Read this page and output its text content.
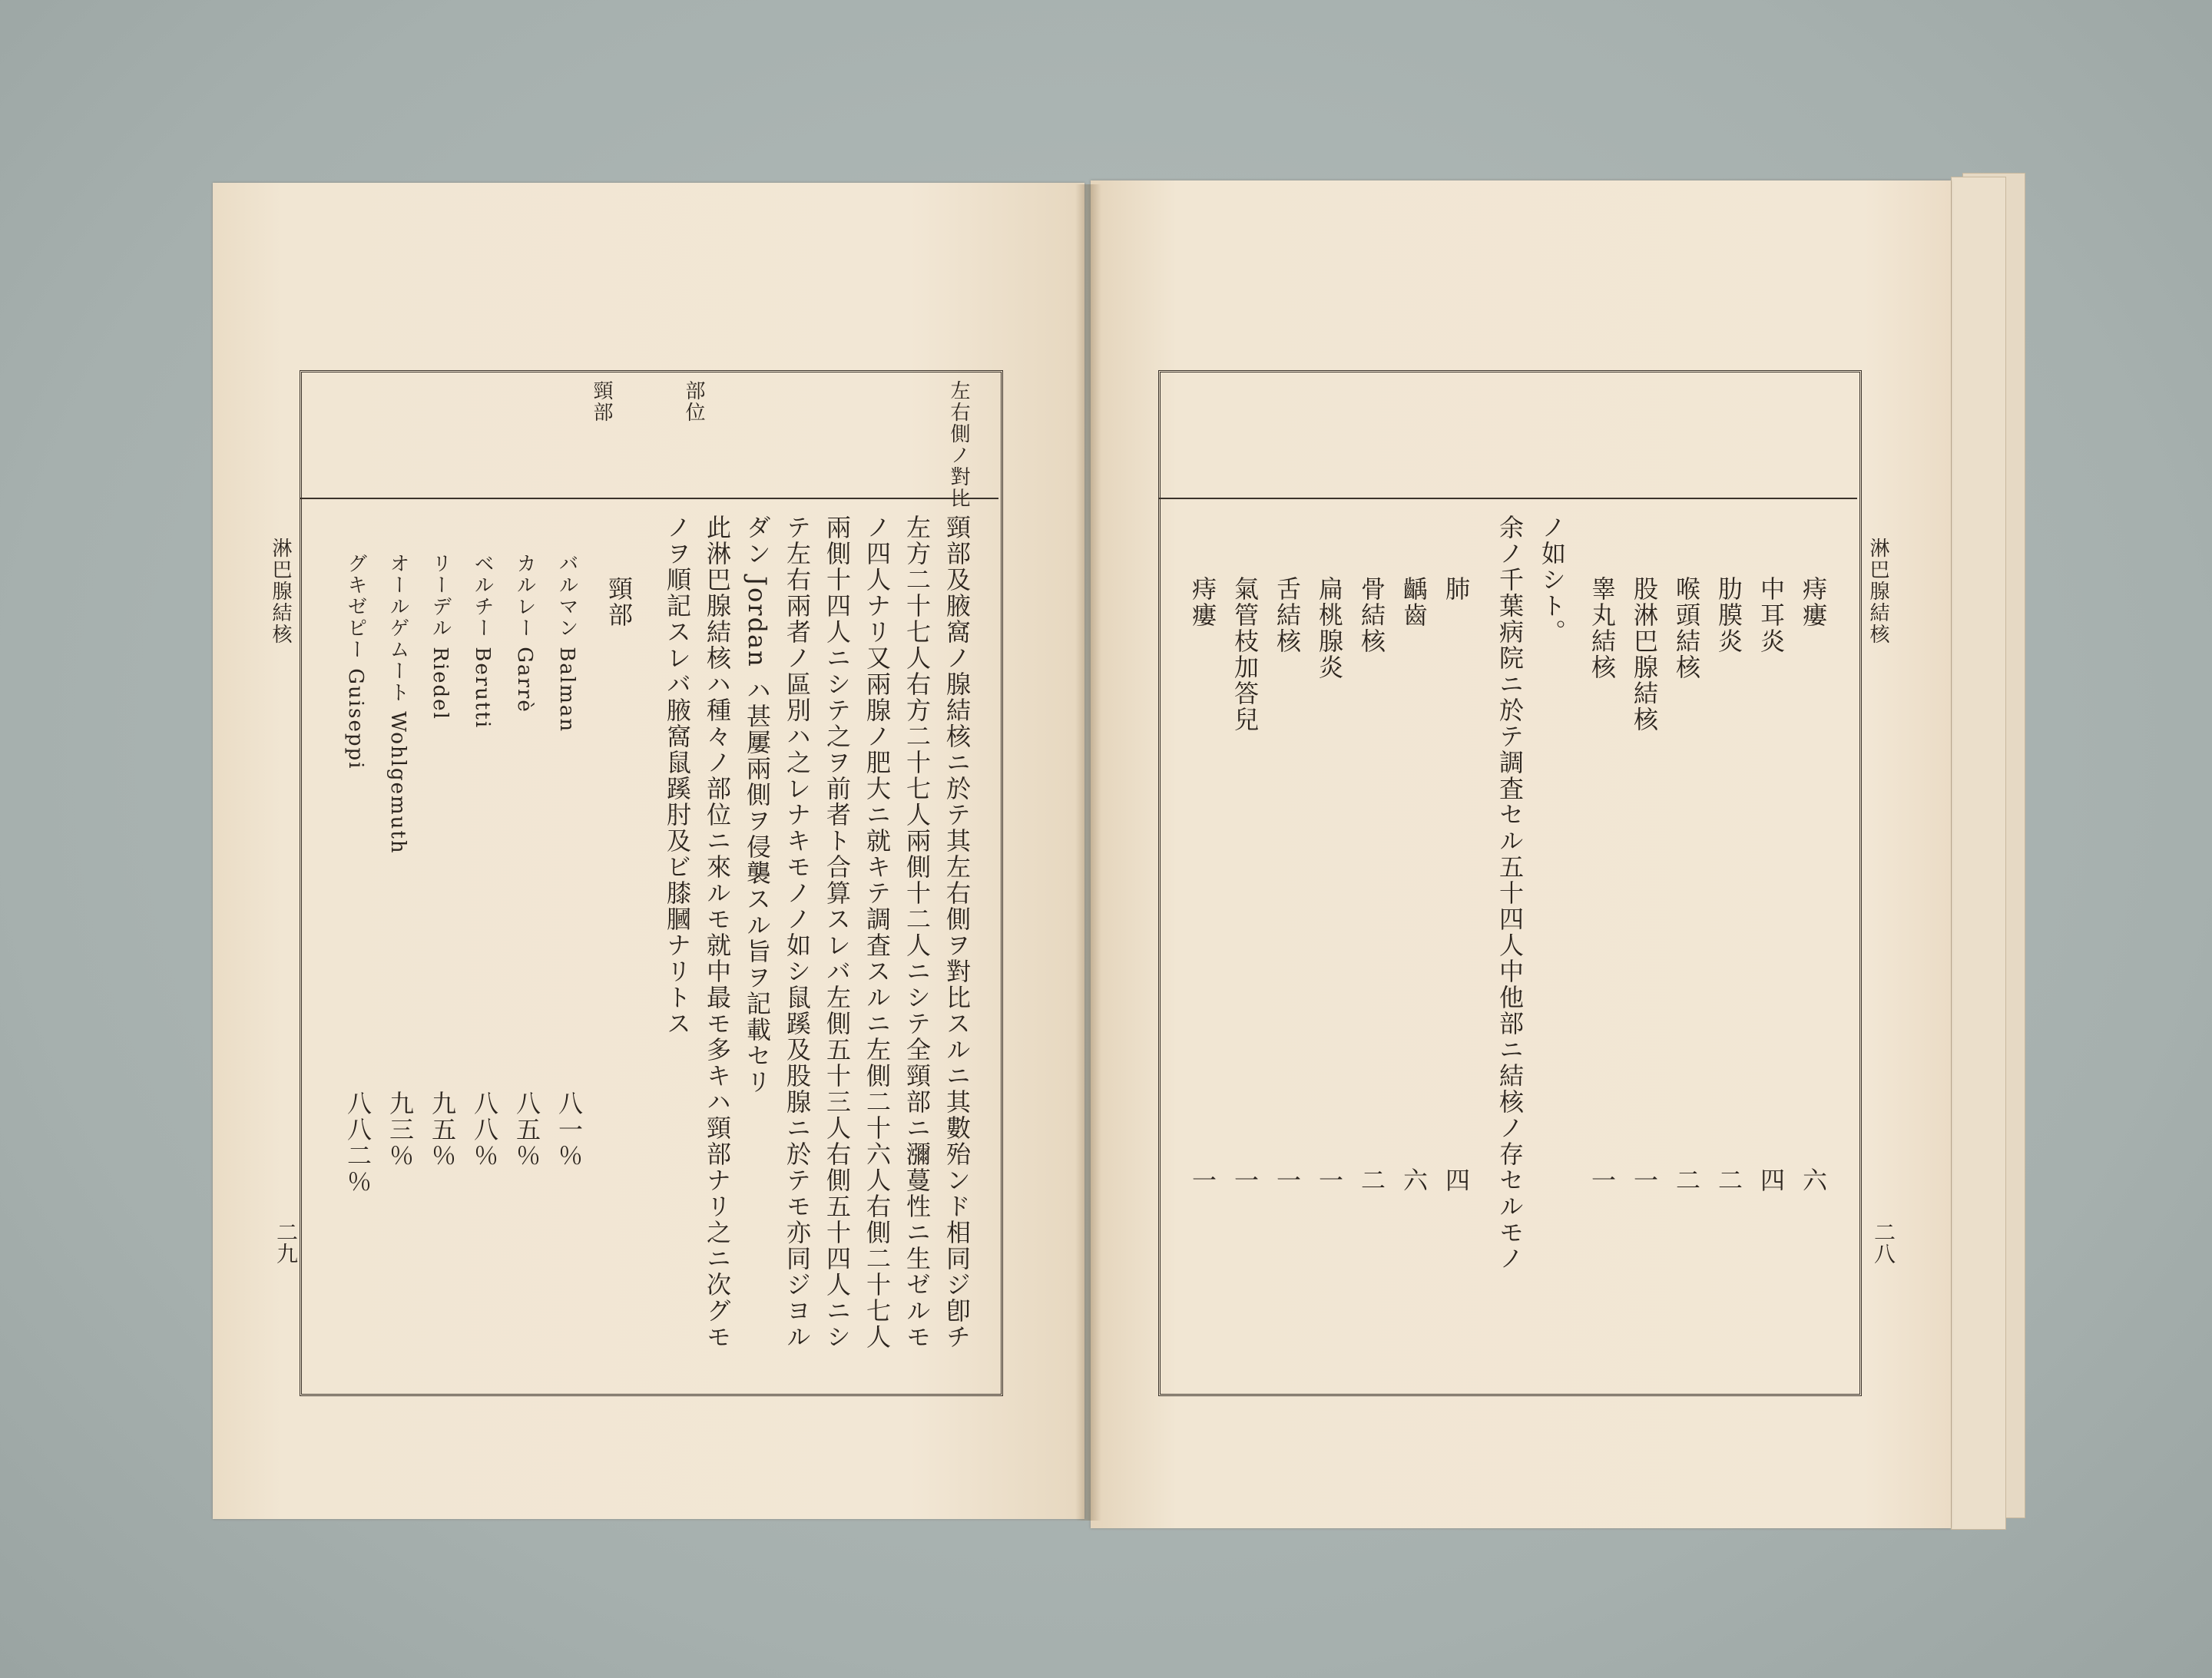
左右側ノ對比
部位
頸部
頸部及腋窩ノ腺結核ニ於テ其左右側ヲ對比スルニ其數殆ンド相同ジ卽チ
左方二十七人右方二十七人兩側十二人ニシテ全頸部ニ瀰蔓性ニ生ゼルモ
ノ四人ナリ又兩腺ノ肥大ニ就キテ調査スルニ左側二十六人右側二十七人
兩側十四人ニシテ之ヲ前者ト合算スレバ左側五十三人右側五十四人ニシ
テ左右兩者ノ區別ハ之レナキモノノ如シ鼠蹊及股腺ニ於テモ亦同ジヨル
ダン Jordan ハ甚屢兩側ヲ侵襲スル旨ヲ記載セリ
此淋巴腺結核ハ種々ノ部位ニ來ルモ就中最モ多キハ頸部ナリ之ニ次グモ
ノヲ順記スレバ腋窩鼠蹊肘及ビ膝膕ナリトス
頸部
バルマン Balman
カルレー Garrè
ベルチー Berutti
リーデル Riedel
オールゲムート Wohlgemuth
グキゼピー Guiseppi
八一％
八五％
八八％
九五％
九三％
八八二％
淋巴腺結核
二九
痔瘻
中耳炎
肋膜炎
喉頭結核
股淋巴腺結核
睾丸結核
六
四
二
二
一
一
ノ如シト。
余ノ千葉病院ニ於テ調査セル五十四人中他部ニ結核ノ存セルモノ
肺
齲齒
骨結核
扁桃腺炎
舌結核
氣管枝加答兒
痔瘻
四
六
二
一
一
一
一
淋巴腺結核
二八
